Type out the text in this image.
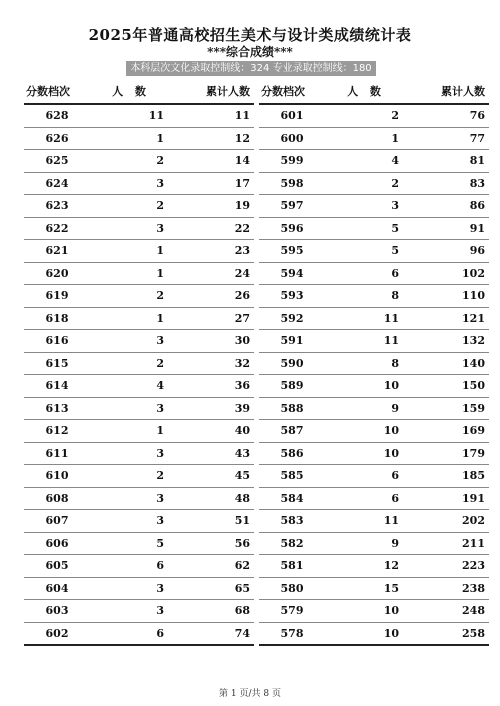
2025年普通高校招生美术与设计类成绩统计表
***综合成绩***
本科层次文化录取控制线：324 专业录取控制线：180
分数档次	人 数	累计人数
628	11	11
626	1	12
625	2	14
624	3	17
623	2	19
622	3	22
621	1	23
620	1	24
619	2	26
618	1	27
616	3	30
615	2	32
614	4	36
613	3	39
612	1	40
611	3	43
610	2	45
608	3	48
607	3	51
606	5	56
605	6	62
604	3	65
603	3	68
602	6	74
分数档次	人 数	累计人数
601	2	76
600	1	77
599	4	81
598	2	83
597	3	86
596	5	91
595	5	96
594	6	102
593	8	110
592	11	121
591	11	132
590	8	140
589	10	150
588	9	159
587	10	169
586	10	179
585	6	185
584	6	191
583	11	202
582	9	211
581	12	223
580	15	238
579	10	248
578	10	258
第 1 页/共 8 页
